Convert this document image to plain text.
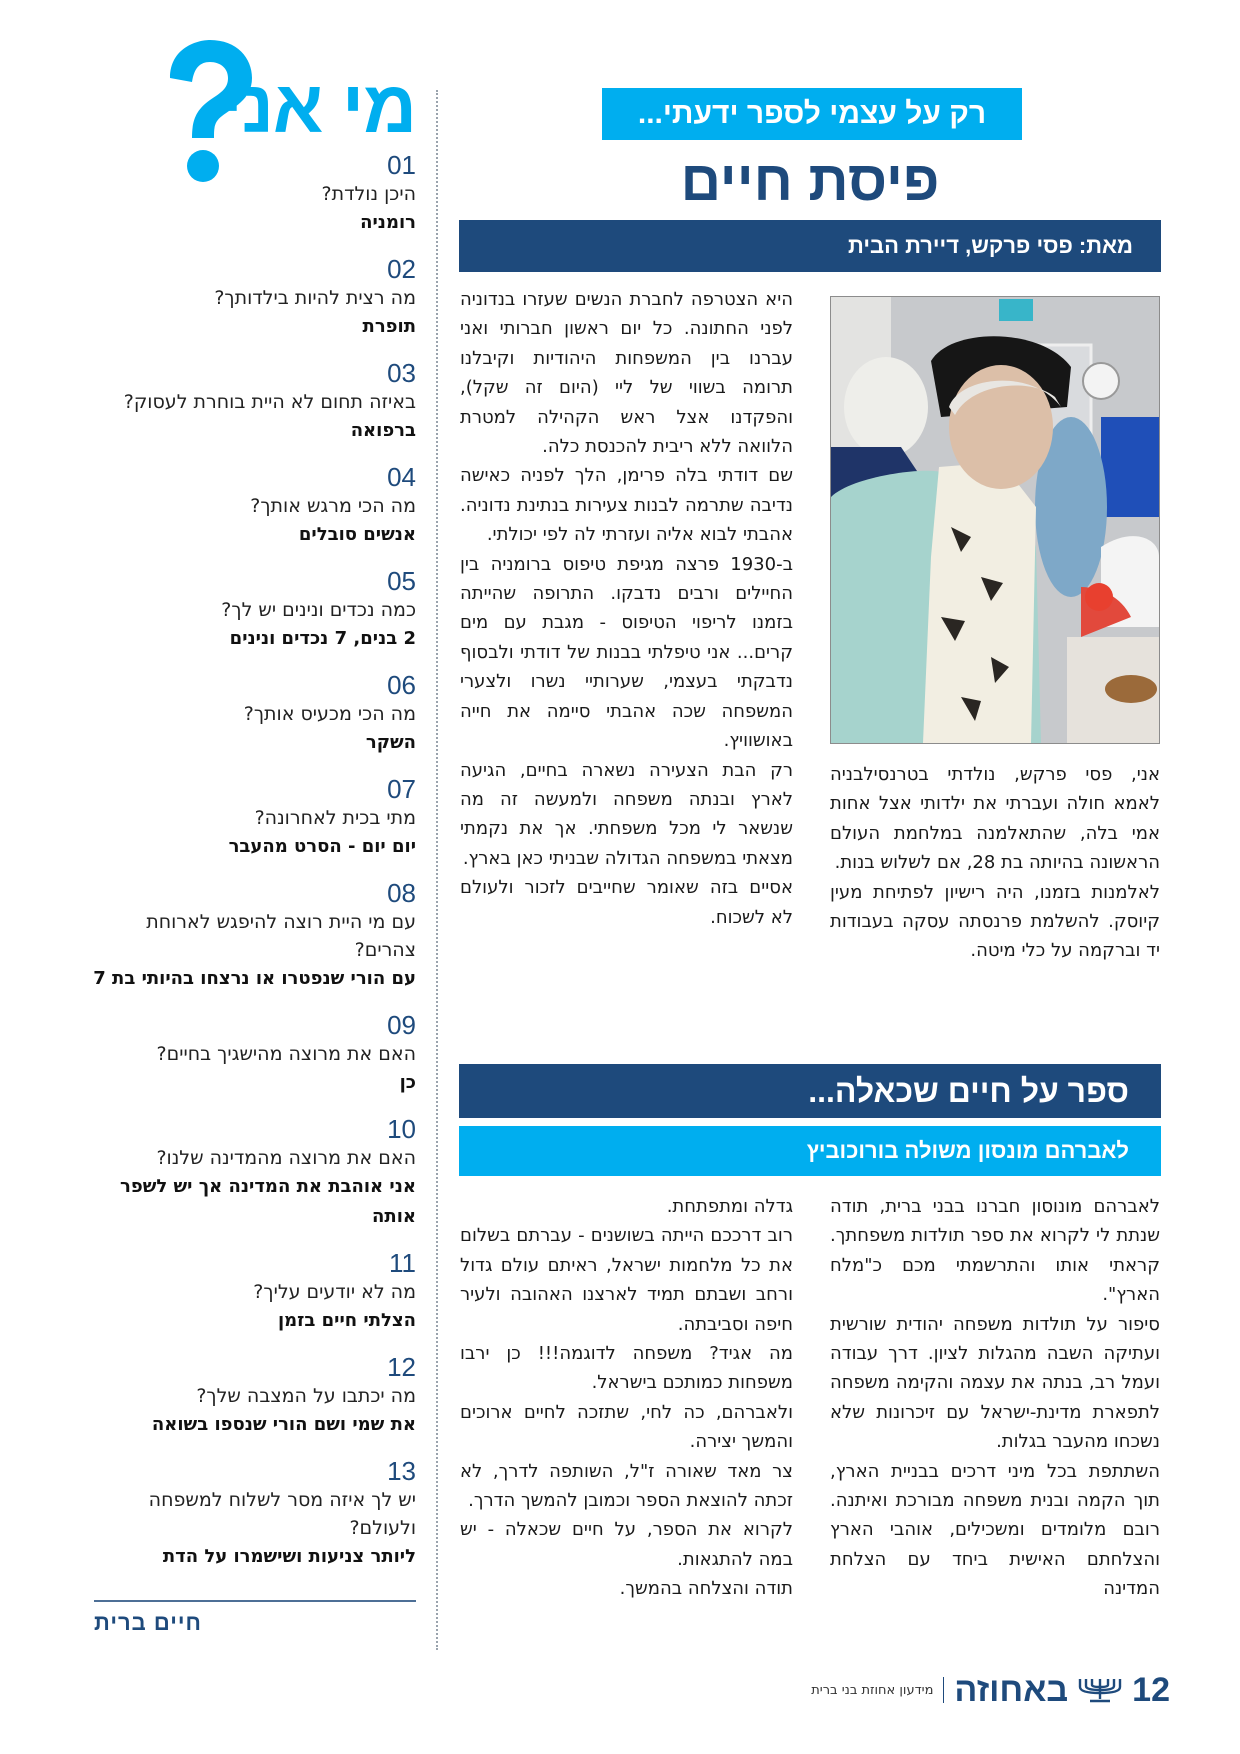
מי אני
01
היכן נולדת?
רומניה
02
מה רצית להיות בילדותך?
תופרת
03
באיזה תחום לא היית בוחרת לעסוק?
ברפואה
04
מה הכי מרגש אותך?
אנשים סובלים
05
כמה נכדים ונינים יש לך?
2 בנים, 7 נכדים ונינים
06
מה הכי מכעיס אותך?
השקר
07
מתי בכית לאחרונה?
יום יום - הסרט מהעבר
08
עם מי היית רוצה להיפגש לארוחת צהרים?
עם הורי שנפטרו או נרצחו בהיותי בת 7
09
האם את מרוצה מהישגיך בחיים?
כן
10
האם את מרוצה מהמדינה שלנו?
אני אוהבת את המדינה אך יש לשפר אותה
11
מה לא יודעים עליך?
הצלתי חיים בזמן
12
מה יכתבו על המצבה שלך?
את שמי ושם הורי שנספו בשואה
13
יש לך איזה מסר לשלוח למשפחה ולעולם?
ליותר צניעות ושישמרו על הדת
חיים ברית
רק על עצמי לספר ידעתי...
פיסת חיים
מאת: פסי פרקש, דיירת הבית

אני, פסי פרקש, נולדתי בטרנסילבניה לאמא חולה ועברתי את ילדותי אצל אחות אמי בלה, שהתאלמנה במלחמת העולם הראשונה בהיותה בת 28, אם לשלוש בנות.

לאלמנות בזמנו, היה רישיון לפתיחת מעין קיוסק. להשלמת פרנסתה עסקה בעבודות יד וברקמה על כלי מיטה.

היא הצטרפה לחברת הנשים שעזרו בנדוניה לפני החתונה. כל יום ראשון חברותי ואני עברנו בין המשפחות היהודיות וקיבלנו תרומה בשווי של ליי (היום זה שקל), והפקדנו אצל ראש הקהילה למטרת הלוואה ללא ריבית להכנסת כלה.

שם דודתי בלה פרימן, הלך לפניה כאישה נדיבה שתרמה לבנות צעירות בנתינת נדוניה. אהבתי לבוא אליה ועזרתי לה לפי יכולתי.

ב-1930 פרצה מגיפת טיפוס ברומניה בין החיילים ורבים נדבקו. התרופה שהייתה בזמנו לריפוי הטיפוס - מגבת עם מים קרים... אני טיפלתי בבנות של דודתי ולבסוף נדבקתי בעצמי, שערותיי נשרו ולצערי המשפחה שכה אהבתי סיימה את חייה באושוויץ.

רק הבת הצעירה נשארה בחיים, הגיעה לארץ ובנתה משפחה ולמעשה זה מה שנשאר לי מכל משפחתי. אך את נקמתי מצאתי במשפחה הגדולה שבניתי כאן בארץ.

אסיים בזה שאומר שחייבים לזכור ולעולם לא לשכוח.

ספר על חיים שכאלה...
לאברהם מונסון משולה בורוכוביץ

לאברהם מונוסון חברנו בבני ברית, תודה שנתת לי לקרוא את ספר תולדות משפחתך. קראתי אותו והתרשמתי מכם כ"מלח הארץ".

סיפור על תולדות משפחה יהודית שורשית ועתיקה השבה מהגלות לציון. דרך עבודה ועמל רב, בנתה את עצמה והקימה משפחה לתפארת מדינת-ישראל עם זיכרונות שלא נשכחו מהעבר בגלות.

השתתפת בכל מיני דרכים בבניית הארץ, תוך הקמה ובנית משפחה מבורכת ואיתנה. רובם מלומדים ומשכילים, אוהבי הארץ והצלחתם האישית ביחד עם הצלחת המדינה

גדלה ומתפתחת.

רוב דרככם הייתה בשושנים - עברתם בשלום את כל מלחמות ישראל, ראיתם עולם גדול ורחב ושבתם תמיד לארצנו האהובה ולעיר חיפה וסביבתה.

מה אגיד? משפחה לדוגמה!!! כן ירבו משפחות כמותכם בישראל.

ולאברהם, כה לחי, שתזכה לחיים ארוכים והמשך יצירה.

צר מאד שאורה ז"ל, השותפה לדרך, לא זכתה להוצאת הספר וכמובן להמשך הדרך.

לקרוא את הספר, על חיים שכאלה - יש במה להתגאות.

תודה והצלחה בהמשך.

12
באחוזה
מידעון אחוזת בני ברית
